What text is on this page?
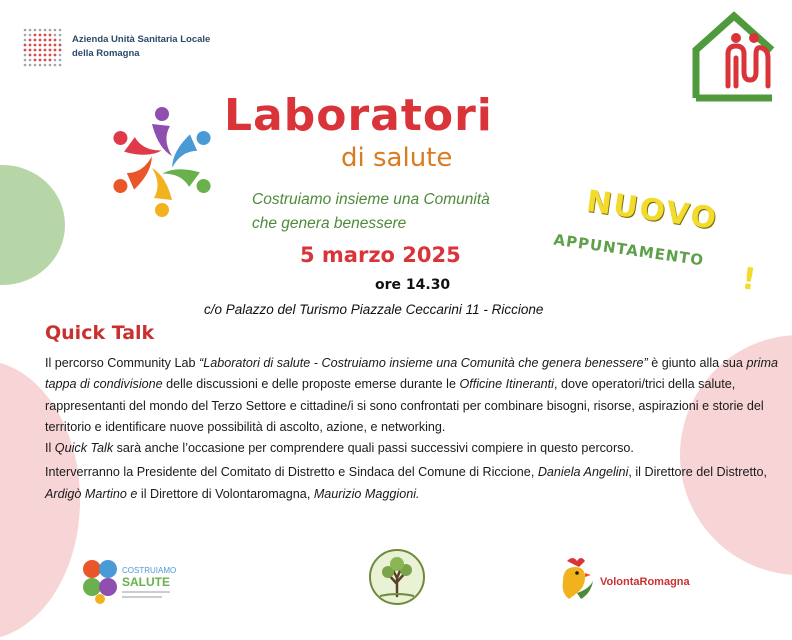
Azienda Unità Sanitaria Locale
della Romagna
Laboratori
di salute
Costruiamo insieme una Comunità
che genera benessere
5 marzo 2025
ore 14.30
c/o Palazzo del Turismo Piazzale Ceccarini 11 - Riccione
NUOVO
APPUNTAMENTO
!
Quick Talk

Il percorso Community Lab “Laboratori di salute - Costruiamo insieme una Comunità che genera benessere” è giunto alla sua prima tappa di condivisione delle discussioni e delle proposte emerse durante le Officine Itineranti, dove operatori/trici della salute, rappresentanti del mondo del Terzo Settore e cittadine/i si sono confrontati per combinare bisogni, risorse, aspirazioni e storie del territorio e identificare nuove possibilità di ascolto, azione, e networking.

Il Quick Talk sarà anche l’occasione per comprendere quali passi successivi compiere in questo percorso.

Interverranno la Presidente del Comitato di Distretto e Sindaca del Comune di Riccione, Daniela Angelini, il Direttore del Distretto, Ardigò Martino e il Direttore di Volontaromagna, Maurizio Maggioni.

COSTRUIAMO
SALUTE	VolontaRomagna
